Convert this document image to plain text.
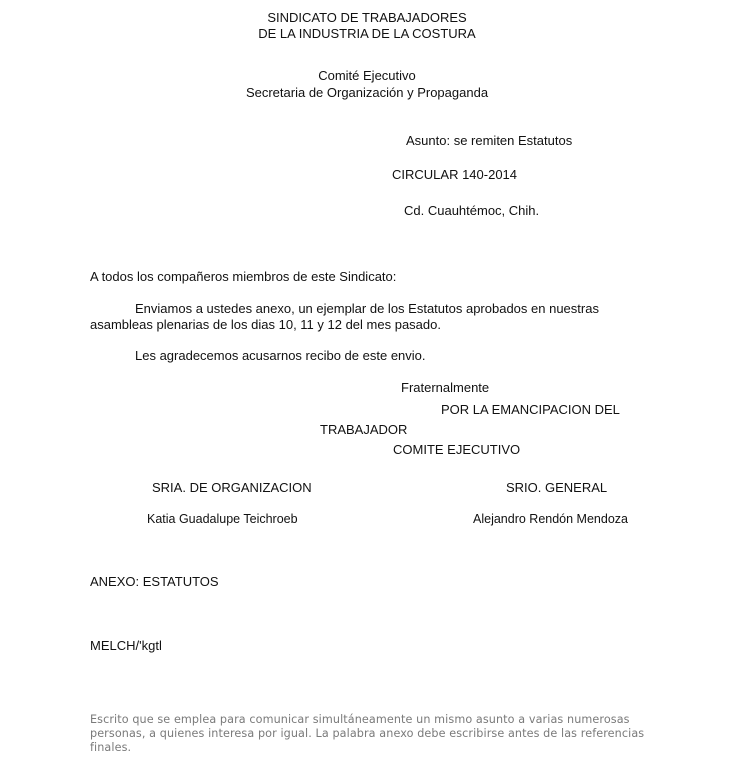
SINDICATO DE TRABAJADORES
DE LA INDUSTRIA DE LA COSTURA
Comité Ejecutivo
Secretaria de Organización y Propaganda
Asunto: se remiten Estatutos
CIRCULAR 140-2014
Cd. Cuauhtémoc, Chih.
A todos los compañeros miembros de este Sindicato:
Enviamos a ustedes anexo, un ejemplar de los Estatutos aprobados en nuestras
asambleas plenarias de los dias 10, 11 y 12 del mes pasado.
Les agradecemos acusarnos recibo de este envio.
Fraternalmente
POR LA EMANCIPACION DEL
TRABAJADOR
COMITE EJECUTIVO
SRIA. DE ORGANIZACION	SRIO. GENERAL
Katia Guadalupe Teichroeb	Alejandro Rendón Mendoza
ANEXO: ESTATUTOS
MELCH/'kgtl
Escrito que se emplea para comunicar simultáneamente un mismo asunto a varias numerosas personas, a quienes interesa por igual. La palabra anexo debe escribirse antes de las referencias finales.
